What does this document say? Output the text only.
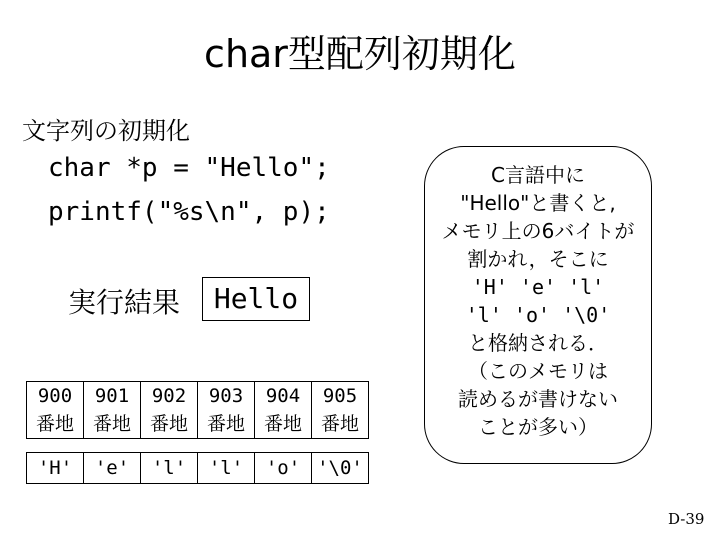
char型配列初期化
文字列の初期化
char *p = "Hello";
printf("%s\n", p);
実行結果	Hello
900	901	902	903	904	905
番地	番地	番地	番地	番地	番地

'H'	'e'	'l'	'l'	'o'	'\0'
C言語中に
"Hello"と書くと,
メモリ上の6バイトが
割かれ，そこに
'H' 'e' 'l'
'l' 'o' '\0'
と格納される．
（このメモリは
読めるが書けない
ことが多い）
D-39
